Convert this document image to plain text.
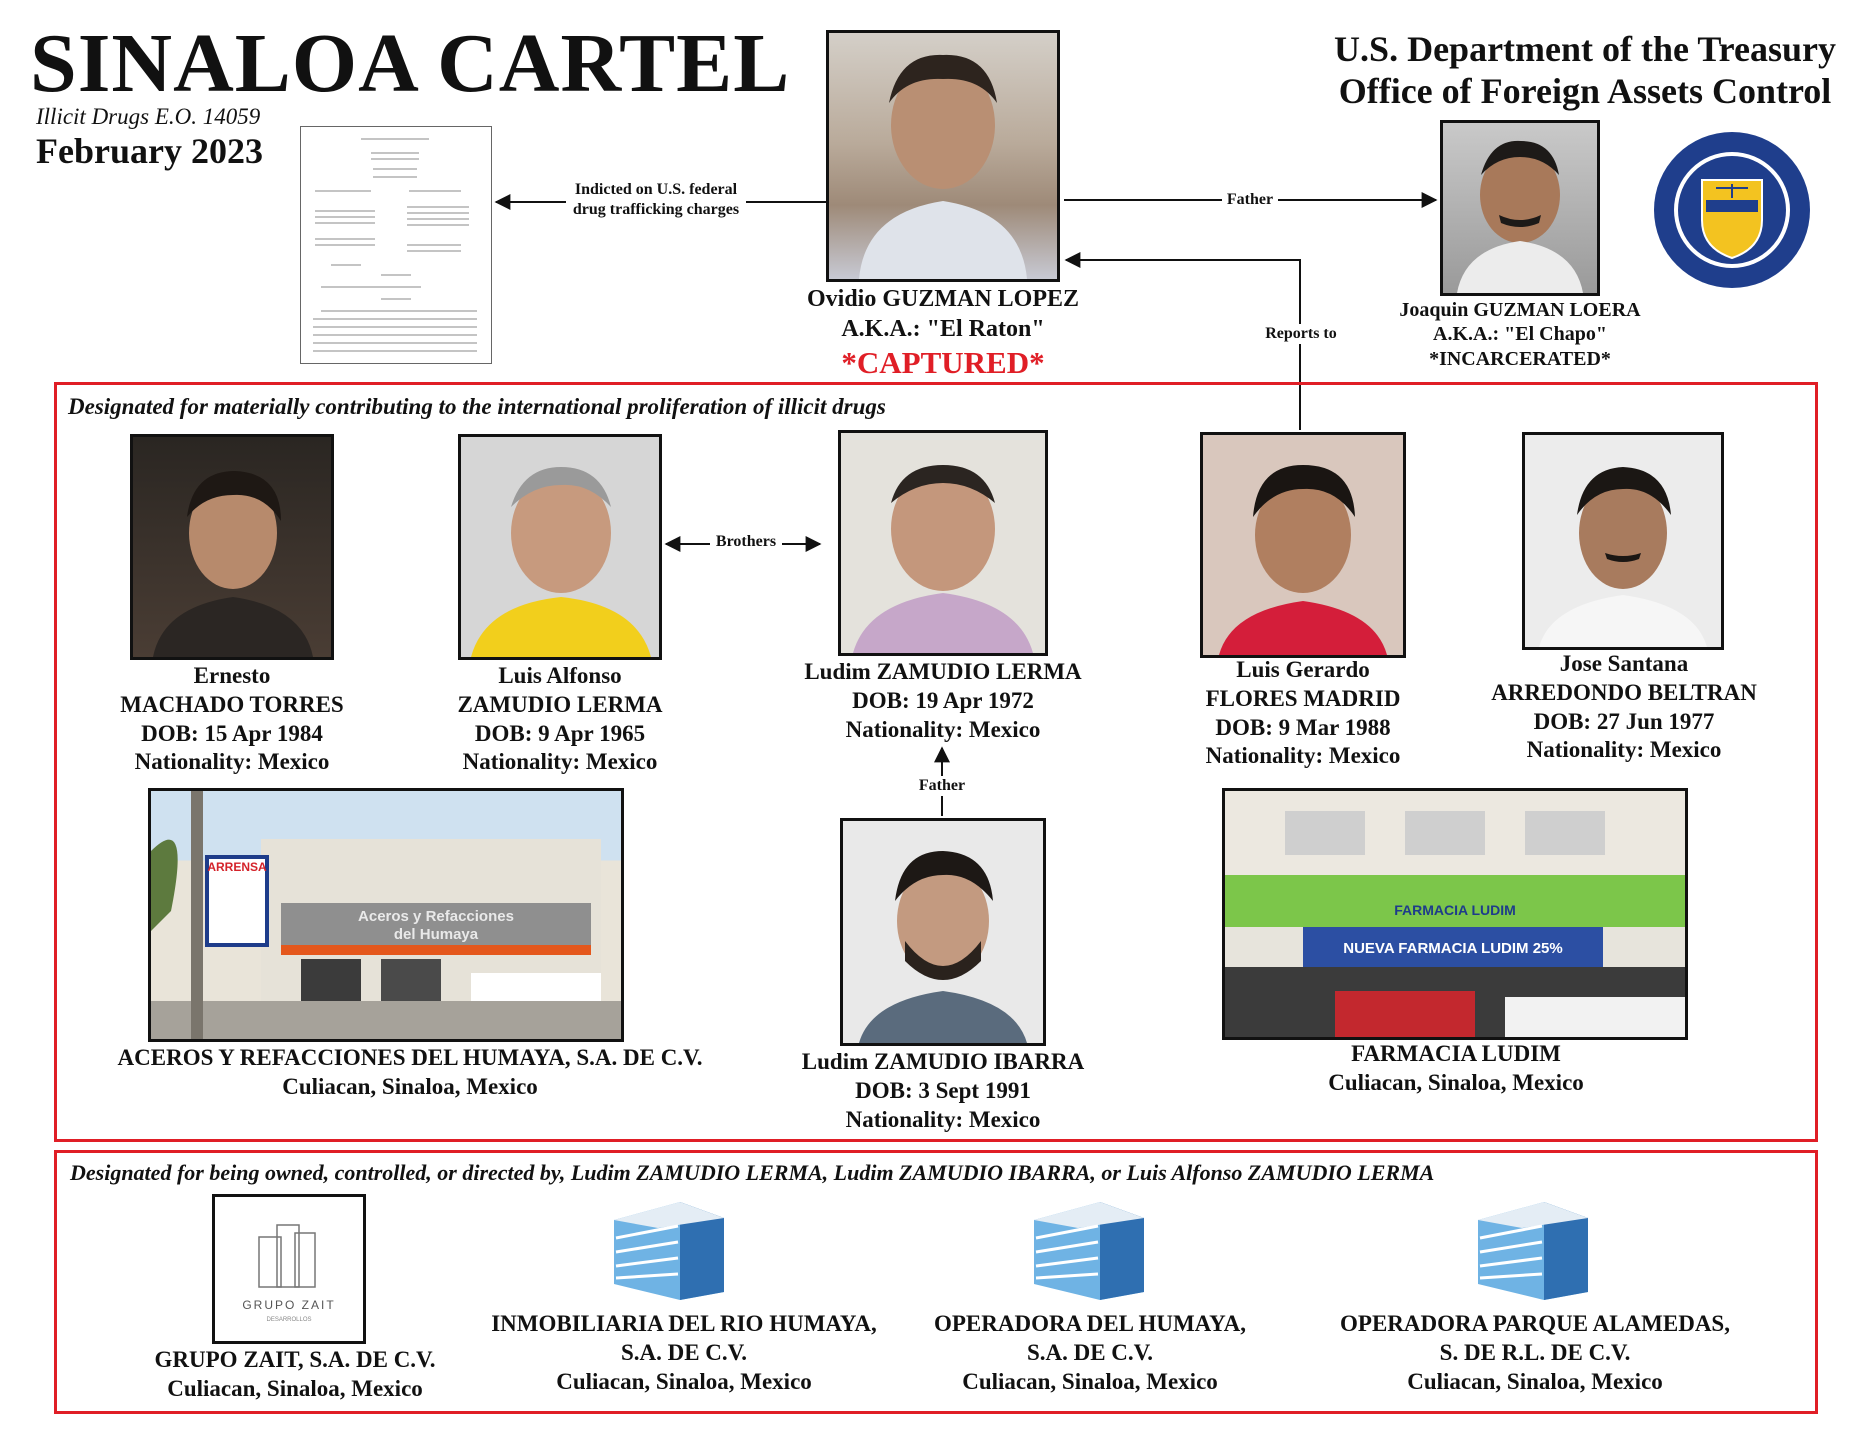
SINALOA CARTEL
Illicit Drugs E.O. 14059
February 2023
U.S. Department of the Treasury
Office of Foreign Assets Control
Ovidio GUZMAN LOPEZ
A.K.A.: "El Raton"
*CAPTURED*
Joaquin GUZMAN LOERA
A.K.A.: "El Chapo"
*INCARCERATED*
Indicted on U.S. federal
drug trafficking charges
Father
Reports to
Designated for materially contributing to the international proliferation of illicit drugs
Brothers
Father
Ernesto
MACHADO TORRES
DOB: 15 Apr 1984
Nationality: Mexico
Luis Alfonso
ZAMUDIO LERMA
DOB: 9 Apr 1965
Nationality: Mexico
Ludim ZAMUDIO LERMA
DOB: 19 Apr 1972
Nationality: Mexico
Luis Gerardo
FLORES MADRID
DOB: 9 Mar 1988
Nationality: Mexico
Jose Santana
ARREDONDO BELTRAN
DOB: 27 Jun 1977
Nationality: Mexico
Ludim ZAMUDIO IBARRA
DOB: 3 Sept 1991
Nationality: Mexico
Aceros y Refacciones
del Humaya
ARRENSA
ACEROS Y REFACCIONES DEL HUMAYA, S.A. DE C.V.
Culiacan, Sinaloa, Mexico
FARMACIA LUDIM
NUEVA FARMACIA LUDIM 25%
FARMACIA LUDIM
Culiacan, Sinaloa, Mexico
Designated for being owned, controlled, or directed by, Ludim ZAMUDIO LERMA, Ludim ZAMUDIO IBARRA, or Luis Alfonso ZAMUDIO LERMA
GRUPO ZAIT
DESARROLLOS
GRUPO ZAIT, S.A. DE C.V.
Culiacan, Sinaloa, Mexico
INMOBILIARIA DEL RIO HUMAYA,
S.A. DE C.V.
Culiacan, Sinaloa, Mexico
OPERADORA DEL HUMAYA,
S.A. DE C.V.
Culiacan, Sinaloa, Mexico
OPERADORA PARQUE ALAMEDAS,
S. DE R.L. DE C.V.
Culiacan, Sinaloa, Mexico
